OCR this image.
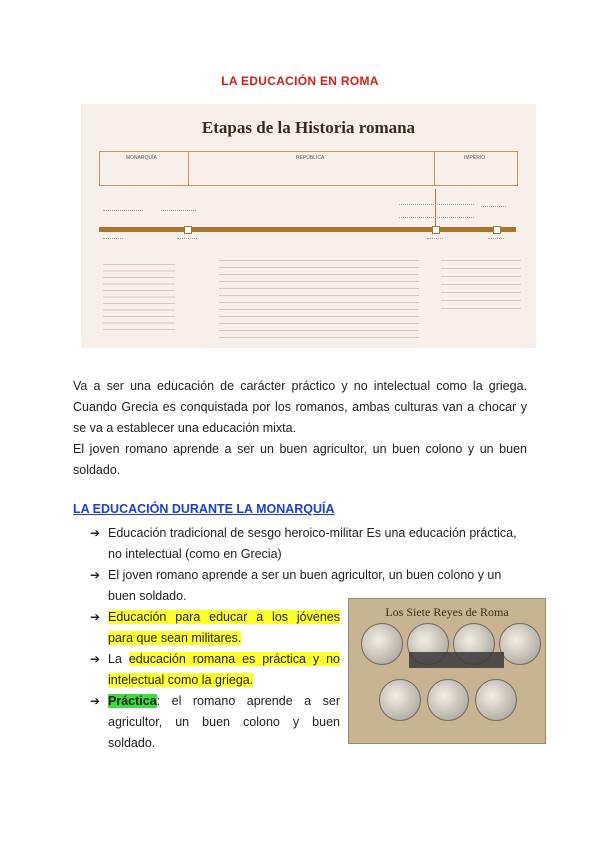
LA EDUCACIÓN EN ROMA
Etapas de la Historia romana
MONARQUÍA	REPÚBLICA	IMPERIO
Va a ser una educación de carácter práctico y no intelectual como la griega. Cuando Grecia es conquistada por los romanos, ambas culturas van a chocar y se va a establecer una educación mixta.
El joven romano aprende a ser un buen agricultor, un buen colono y un buen soldado.
LA EDUCACIÓN DURANTE LA MONARQUÍA
➔ Educación tradicional de sesgo heroico-militar Es una educación práctica, no intelectual (como en Grecia)
➔ El joven romano aprende a ser un buen agricultor, un buen colono y un buen soldado.
➔ Educación para educar a los jóvenes para que sean militares.
➔ La educación romana es práctica y no intelectual como la griega.
➔ Práctica: el romano aprende a ser agricultor, un buen colono y buen soldado.
Los Siete Reyes de Roma
